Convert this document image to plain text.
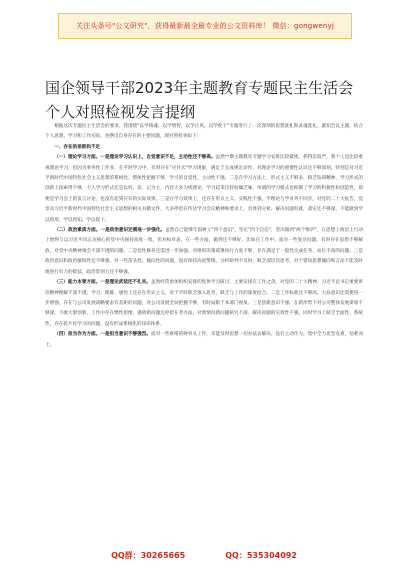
关注头条号"公文研究"，获得最新最全最专业的公文资料库！ 微信：gongwenyj
国企领导干部2023年主题教育专题民主生活会个人对照检视发言提纲

根据这次专题民主生活会的要求，我围绕"以学铸魂、以学增智，以学正风，以学促干"专题进行了一次深刻的思想洗礼和灵魂洗礼，紧扣会议主题，结合个人思想、学习和工作实际，查摆出自身存在的主要问题，现对照检查如下：

一、存在的差距和不足

（一）理论学习方面。一是理论学习认识上，自觉意识不足，主动性还不够高。虽然**期主题教育专题学习安排比较紧密、抓得比较严，我个人也比较重视理论学习，但因为事务性工作多，在平时学习中，有时存在"应付式"学习现象，满足于完成规定动作，对理论学习的重要性认识还不够深刻，特别是对习近平新时代中国特色社会主义思想的系统性、整体性把握不够，学习的自觉性、主动性不强。二是在学习方法上，形式主义不够多，缺乏钻研精神。学习形式的创新上探索得不够，个人学习形式还是以听、读、记为主，内容大多为纯理论，学习起来比较枯燥乏味，单调的学习模式也抑制了学习的积极性和创造性，即便是学习会上的发言讨论，也没有起到应有的实际效果。三是在学习效果上，还存在形式主义、实践性不强。学理论与学业务不同步，对党的二十大报告、党章及习近平新时代中国特色社会主义思想的相关书籍文件，大多停留在传达学习会议精神和要求上，具体到分析、解决问题时就，落实还不够深，不能做到学以致用，学以致知，学以促干。

（二）政治素质方面。一是政治意识还需进一步强化。虽然自己能够牢固树立"四个意识"，坚定"四个自信"，坚决做到"两个维护"，在思想上政治上行动上始终与以习近平同志为核心的党中央保持高度一致，但对标对表，在一些方面，做得还不够好。比如在工作中，面对一些复杂问题，有时存在思想不够解放，对党中央精神领会不深不透的问题。二是党性修养还需进一步加强。对组织决策部署执行力度不够，存在满足于一般性完成任务、站位不高的问题。三是政治意识和政治敏锐性还不够强。对一些苗头性、倾向性的问题，没有保持高度警惕，分析研判不及时，缺乏深层次思考，对于错误思想倾向和言论不能及时地进行有力的批驳，政治鉴别力还不够强。

（三）能力本领方面。一是理论武装还不扎实。虽然经常参加组织安排的集体学习研讨，主要安排在工作之余，对党的二十大精神、习近平总书记重要讲话精神理解不深不透，学习、理解、感悟上还存在形式主义，对于平时缺乏深入思考，缺乏与工作的深度结合。二是工作标准还不够高。大局意识还需要进一步增强，存在与公司发展战略要求有差距的问题，对公司发展全局把握不够，有时局限于本部门视角。三是创新意识不强。在新形势下对公司整体发展谋划不够深，不敢大胆创新，工作中存在惯性思维，遇到新问题还停留在老办法，对新情况新问题研究不深，解决问题的实效性不强。同时学习上缺乏全面性、系统性，存在碎片化学习的问题，没有形成系统化的知识体系。

（四）担当作为方面。一是担当意识不够强烈。面对一些难啃的硬骨头工作，未能及时思想一切办法去解决，没有主动作为，集中全力攻坚克难，迎难而上。

QQ群：30265665	QQ：535304092
